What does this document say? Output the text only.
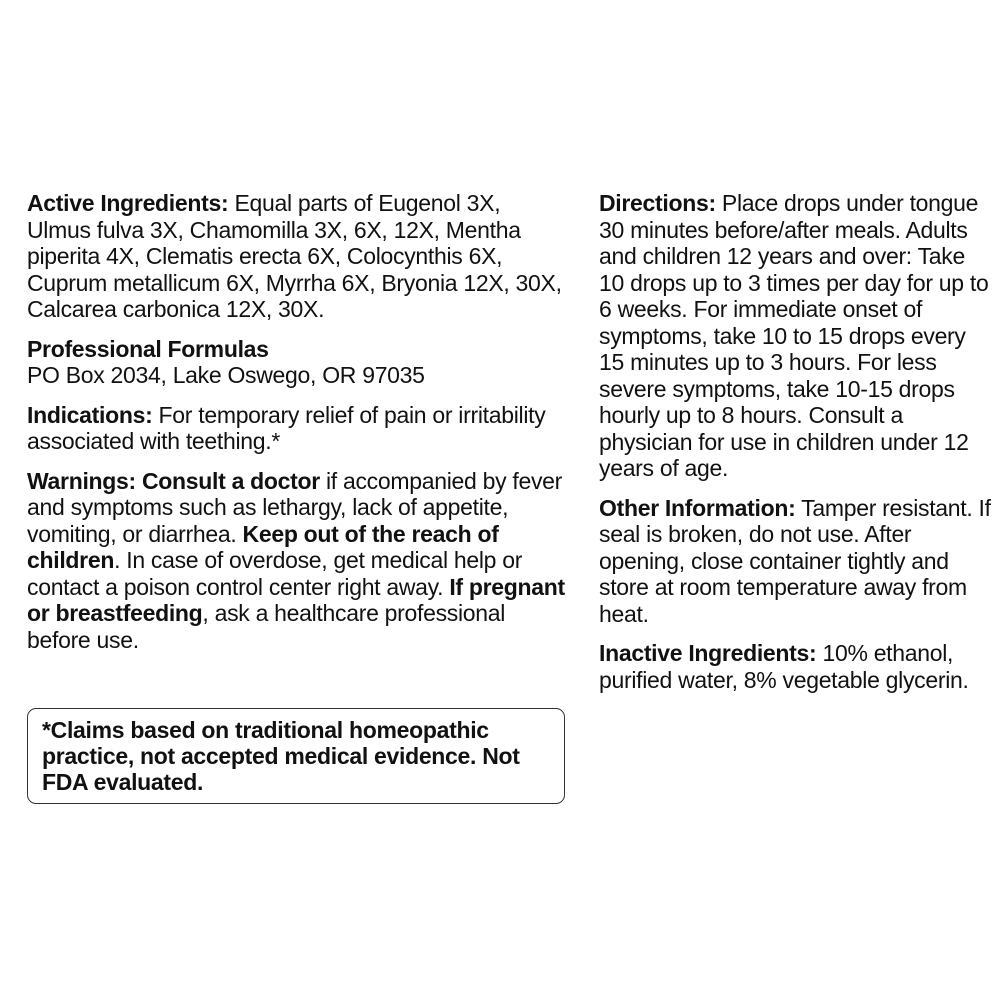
Active Ingredients: Equal parts of Eugenol 3X, Ulmus fulva 3X, Chamomilla 3X, 6X, 12X, Mentha piperita 4X, Clematis erecta 6X, Colocynthis 6X, Cuprum metallicum 6X, Myrrha 6X, Bryonia 12X, 30X, Calcarea carbonica 12X, 30X.

Professional Formulas

PO Box 2034, Lake Oswego, OR 97035

Indications: For temporary relief of pain or irritability associated with teething.*

Warnings: Consult a doctor if accompanied by fever and symptoms such as lethargy, lack of appetite, vomiting, or diarrhea. Keep out of the reach of children. In case of overdose, get medical help or contact a poison control center right away. If pregnant or breastfeeding, ask a healthcare professional before use.

*Claims based on traditional homeopathic practice, not accepted medical evidence. Not FDA evaluated.

Directions: Place drops under tongue 30 minutes before/after meals. Adults and children 12 years and over: Take 10 drops up to 3 times per day for up to 6 weeks. For immediate onset of symptoms, take 10 to 15 drops every 15 minutes up to 3 hours. For less severe symptoms, take 10-15 drops hourly up to 8 hours. Consult a physician for use in children under 12 years of age.

Other Information: Tamper resistant. If seal is broken, do not use. After opening, close container tightly and store at room temperature away from heat.

Inactive Ingredients: 10% ethanol, purified water, 8% vegetable glycerin.
